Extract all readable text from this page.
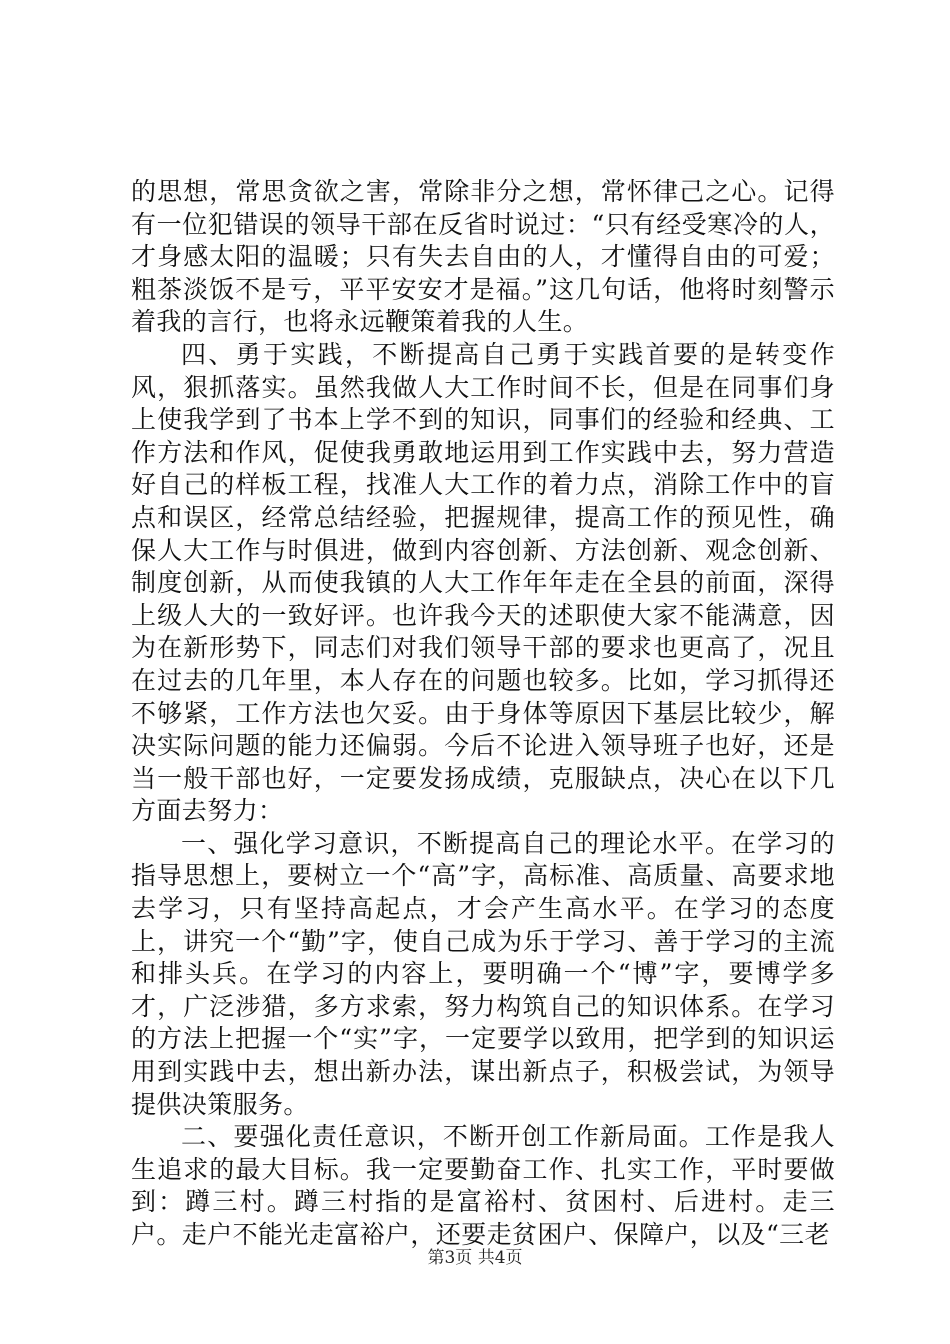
的思想，常思贪欲之害，常除非分之想，常怀律己之心。记得有一位犯错误的领导干部在反省时说过：“只有经受寒冷的人，才身感太阳的温暖；只有失去自由的人，才懂得自由的可爱；粗茶淡饭不是亏，平平安安才是福。”这几句话，他将时刻警示着我的言行，也将永远鞭策着我的人生。

四、勇于实践，不断提高自己勇于实践首要的是转变作风，狠抓落实。虽然我做人大工作时间不长，但是在同事们身上使我学到了书本上学不到的知识，同事们的经验和经典、工作方法和作风，促使我勇敢地运用到工作实践中去，努力营造好自己的样板工程，找准人大工作的着力点，消除工作中的盲点和误区，经常总结经验，把握规律，提高工作的预见性，确保人大工作与时俱进，做到内容创新、方法创新、观念创新、制度创新，从而使我镇的人大工作年年走在全县的前面，深得上级人大的一致好评。也许我今天的述职使大家不能满意，因为在新形势下，同志们对我们领导干部的要求也更高了，况且在过去的几年里，本人存在的问题也较多。比如，学习抓得还不够紧，工作方法也欠妥。由于身体等原因下基层比较少，解决实际问题的能力还偏弱。今后不论进入领导班子也好，还是当一般干部也好，一定要发扬成绩，克服缺点，决心在以下几方面去努力：

一、强化学习意识，不断提高自己的理论水平。在学习的指导思想上，要树立一个“高”字，高标准、高质量、高要求地去学习，只有坚持高起点，才会产生高水平。在学习的态度上，讲究一个“勤”字，使自己成为乐于学习、善于学习的主流和排头兵。在学习的内容上，要明确一个“博”字，要博学多才，广泛涉猎，多方求索，努力构筑自己的知识体系。在学习的方法上把握一个“实”字，一定要学以致用，把学到的知识运用到实践中去，想出新办法，谋出新点子，积极尝试，为领导提供决策服务。

二、要强化责任意识，不断开创工作新局面。工作是我人生追求的最大目标。我一定要勤奋工作、扎实工作，平时要做到：蹲三村。蹲三村指的是富裕村、贫困村、后进村。走三户。走户不能光走富裕户，还要走贫困户、保障户，以及“三老

第3页 共4页
